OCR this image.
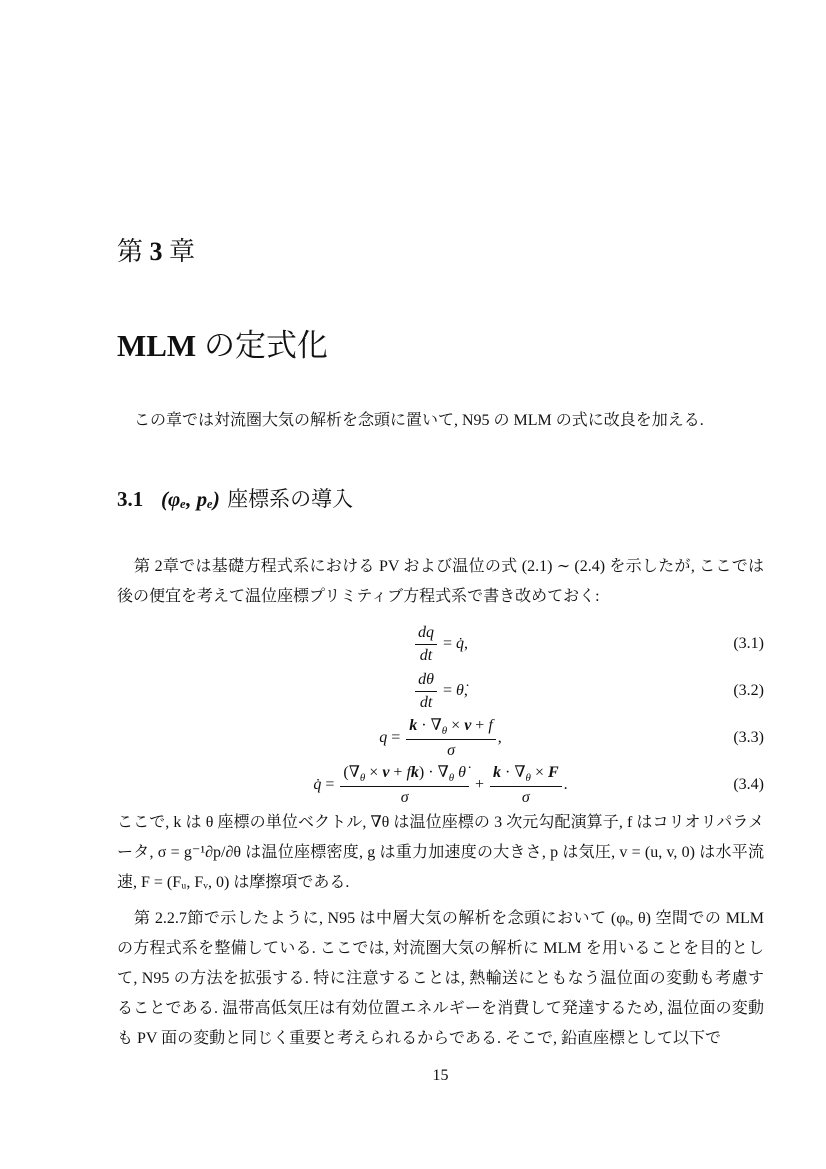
第 3 章
MLM の定式化

この章では対流圏大気の解析を念頭に置いて, N95 の MLM の式に改良を加える.

3.1 (φₑ, pₑ) 座標系の導入

第 2章では基礎方程式系における PV および温位の式 (2.1) ∼ (2.4) を示したが, ここでは後の便宜を考えて温位座標プリミティブ方程式系で書き改めておく:

$\frac{dq}{dt}$ = q̇ ,	(3.1)
$\frac{d\theta}{dt}$ = θ̇ ,	(3.2)
$q = \frac{k \cdot \nabla_\theta \times v + f}{\sigma}$ ,	(3.3)
q̇ = $\frac{(\nabla_\theta \times v + fk) \cdot \nabla_\theta \thetȧ}{\sigma} + \frac{k \cdot \nabla_\theta \times F}{\sigma}$ .	(3.4)

ここで, k は θ 座標の単位ベクトル, ∇θ は温位座標の 3 次元勾配演算子, f はコリオリパラメータ, σ = g⁻¹∂p/∂θ は温位座標密度, g は重力加速度の大きさ, p は気圧, v = (u, v, 0) は水平流速, F = (Fᵤ, Fᵥ, 0) は摩擦項である.

第 2.2.7節で示したように, N95 は中層大気の解析を念頭において (φₑ, θ) 空間での MLM の方程式系を整備している. ここでは, 対流圏大気の解析に MLM を用いることを目的として, N95 の方法を拡張する. 特に注意することは, 熱輸送にともなう温位面の変動も考慮することである. 温帯高低気圧は有効位置エネルギーを消費して発達するため, 温位面の変動も PV 面の変動と同じく重要と考えられるからである. そこで, 鉛直座標として以下で

15
